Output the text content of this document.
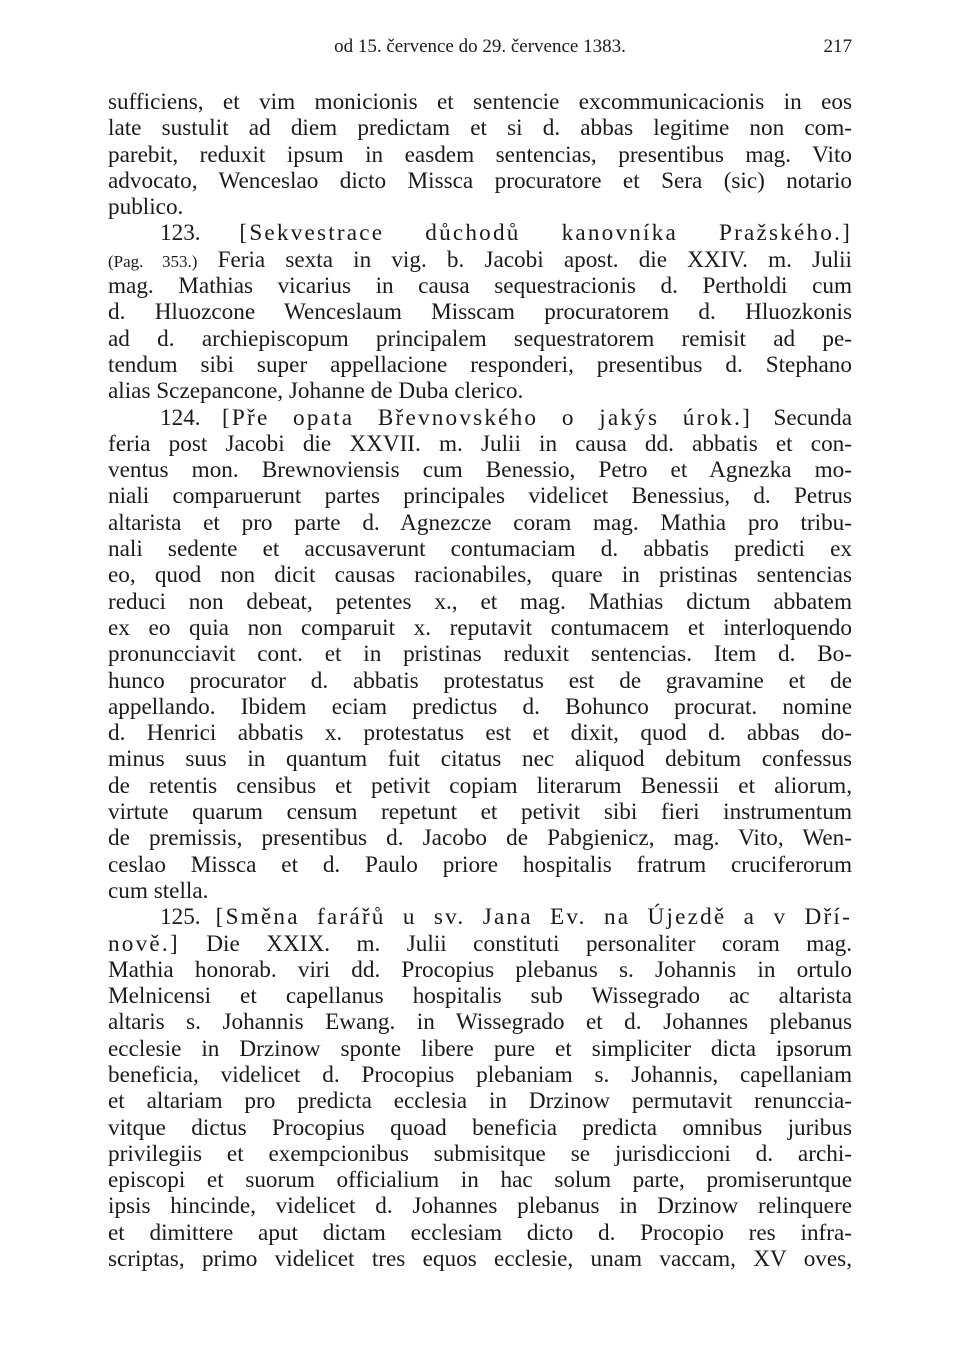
od 15. července do 29. července 1383.	217
sufficiens, et vim monicionis et sentencie excommunicacionis in eos
late sustulit ad diem predictam et si d. abbas legitime non com-
parebit, reduxit ipsum in easdem sentencias, presentibus mag. Vito
advocato, Wenceslao dicto Missca procuratore et Sera (sic) notario
publico.
123. [Sekvestrace důchodů kanovníka Pražského.]
(Pag. 353.) Feria sexta in vig. b. Jacobi apost. die XXIV. m. Julii
mag. Mathias vicarius in causa sequestracionis d. Pertholdi cum
d. Hluozcone Wenceslaum Misscam procuratorem d. Hluozkonis
ad d. archiepiscopum principalem sequestratorem remisit ad pe-
tendum sibi super appellacione responderi, presentibus d. Stephano
alias Sczepancone, Johanne de Duba clerico.
124. [Pře opata Břevnovského o jakýs úrok.] Secunda
feria post Jacobi die XXVII. m. Julii in causa dd. abbatis et con-
ventus mon. Brewnoviensis cum Benessio, Petro et Agnezka mo-
niali comparuerunt partes principales videlicet Benessius, d. Petrus
altarista et pro parte d. Agnezcze coram mag. Mathia pro tribu-
nali sedente et accusaverunt contumaciam d. abbatis predicti ex
eo, quod non dicit causas racionabiles, quare in pristinas sentencias
reduci non debeat, petentes x., et mag. Mathias dictum abbatem
ex eo quia non comparuit x. reputavit contumacem et interloquendo
pronuncciavit cont. et in pristinas reduxit sentencias. Item d. Bo-
hunco procurator d. abbatis protestatus est de gravamine et de
appellando. Ibidem eciam predictus d. Bohunco procurat. nomine
d. Henrici abbatis x. protestatus est et dixit, quod d. abbas do-
minus suus in quantum fuit citatus nec aliquod debitum confessus
de retentis censibus et petivit copiam literarum Benessii et aliorum,
virtute quarum censum repetunt et petivit sibi fieri instrumentum
de premissis, presentibus d. Jacobo de Pabgienicz, mag. Vito, Wen-
ceslao Missca et d. Paulo priore hospitalis fratrum cruciferorum
cum stella.
125. [Směna farářů u sv. Jana Ev. na Újezdě a v Dří-
nově.] Die XXIX. m. Julii constituti personaliter coram mag.
Mathia honorab. viri dd. Procopius plebanus s. Johannis in ortulo
Melnicensi et capellanus hospitalis sub Wissegrado ac altarista
altaris s. Johannis Ewang. in Wissegrado et d. Johannes plebanus
ecclesie in Drzinow sponte libere pure et simpliciter dicta ipsorum
beneficia, videlicet d. Procopius plebaniam s. Johannis, capellaniam
et altariam pro predicta ecclesia in Drzinow permutavit renuncciа-
vitque dictus Procopius quoad beneficia predicta omnibus juribus
privilegiis et exempcionibus submisitque se jurisdiccioni d. archi-
episcopi et suorum officialium in hac solum parte, promiseruntque
ipsis hincinde, videlicet d. Johannes plebanus in Drzinow relinquere
et dimittere aput dictam ecclesiam dicto d. Procopio res infra-
scriptas, primo videlicet tres equos ecclesie, unam vaccam, XV oves,
